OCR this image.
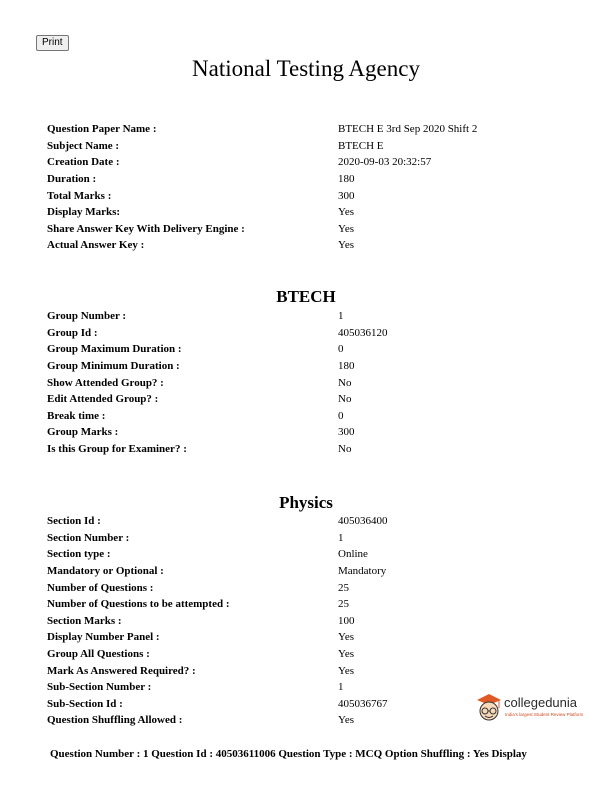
Print
National Testing Agency
Question Paper Name :	BTECH E 3rd Sep 2020 Shift 2
Subject Name :	BTECH E
Creation Date :	2020-09-03 20:32:57
Duration :	180
Total Marks :	300
Display Marks:	Yes
Share Answer Key With Delivery Engine :	Yes
Actual Answer Key :	Yes
BTECH
Group Number :	1
Group Id :	405036120
Group Maximum Duration :	0
Group Minimum Duration :	180
Show Attended Group? :	No
Edit Attended Group? :	No
Break time :	0
Group Marks :	300
Is this Group for Examiner? :	No
Physics
Section Id :	405036400
Section Number :	1
Section type :	Online
Mandatory or Optional :	Mandatory
Number of Questions :	25
Number of Questions to be attempted :	25
Section Marks :	100
Display Number Panel :	Yes
Group All Questions :	Yes
Mark As Answered Required? :	Yes
Sub-Section Number :	1
Sub-Section Id :	405036767
Question Shuffling Allowed :	Yes
collegedunia
India's largest Student Review Platform
Question Number : 1 Question Id : 40503611006 Question Type : MCQ Option Shuffling : Yes Display
